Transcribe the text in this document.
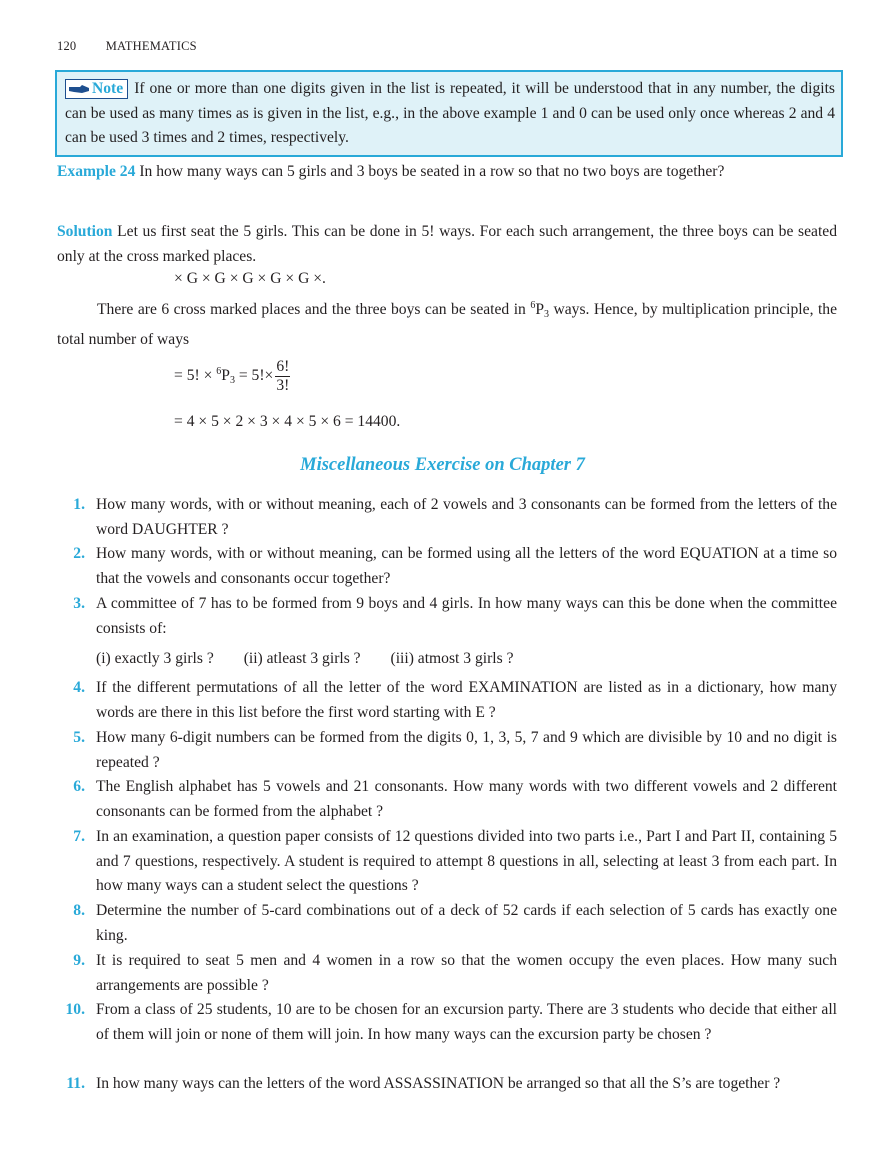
120 MATHEMATICS
Note If one or more than one digits given in the list is repeated, it will be understood that in any number, the digits can be used as many times as is given in the list, e.g., in the above example 1 and 0 can be used only once whereas 2 and 4 can be used 3 times and 2 times, respectively.
Example 24 In how many ways can 5 girls and 3 boys be seated in a row so that no two boys are together?
Solution Let us first seat the 5 girls. This can be done in 5! ways. For each such arrangement, the three boys can be seated only at the cross marked places.
× G × G × G × G × G ×.
There are 6 cross marked places and the three boys can be seated in $^6P_3$ ways. Hence, by multiplication principle, the total number of ways
= 5! × $^6P_3 = 5!\times \frac{6!}{3!}$
= 4 × 5 × 2 × 3 × 4 × 5 × 6 = 14400.
Miscellaneous Exercise on Chapter 7
1. How many words, with or without meaning, each of 2 vowels and 3 consonants can be formed from the letters of the word DAUGHTER ?
2. How many words, with or without meaning, can be formed using all the letters of the word EQUATION at a time so that the vowels and consonants occur together?
3. A committee of 7 has to be formed from 9 boys and 4 girls. In how many ways can this be done when the committee consists of:
(i) exactly 3 girls ? (ii) atleast 3 girls ? (iii) atmost 3 girls ?
4. If the different permutations of all the letter of the word EXAMINATION are listed as in a dictionary, how many words are there in this list before the first word starting with E ?
5. How many 6-digit numbers can be formed from the digits 0, 1, 3, 5, 7 and 9 which are divisible by 10 and no digit is repeated ?
6. The English alphabet has 5 vowels and 21 consonants. How many words with two different vowels and 2 different consonants can be formed from the alphabet ?
7. In an examination, a question paper consists of 12 questions divided into two parts i.e., Part I and Part II, containing 5 and 7 questions, respectively. A student is required to attempt 8 questions in all, selecting at least 3 from each part. In how many ways can a student select the questions ?
8. Determine the number of 5-card combinations out of a deck of 52 cards if each selection of 5 cards has exactly one king.
9. It is required to seat 5 men and 4 women in a row so that the women occupy the even places. How many such arrangements are possible ?
10. From a class of 25 students, 10 are to be chosen for an excursion party. There are 3 students who decide that either all of them will join or none of them will join. In how many ways can the excursion party be chosen ?
11. In how many ways can the letters of the word ASSASSINATION be arranged so that all the S’s are together ?
